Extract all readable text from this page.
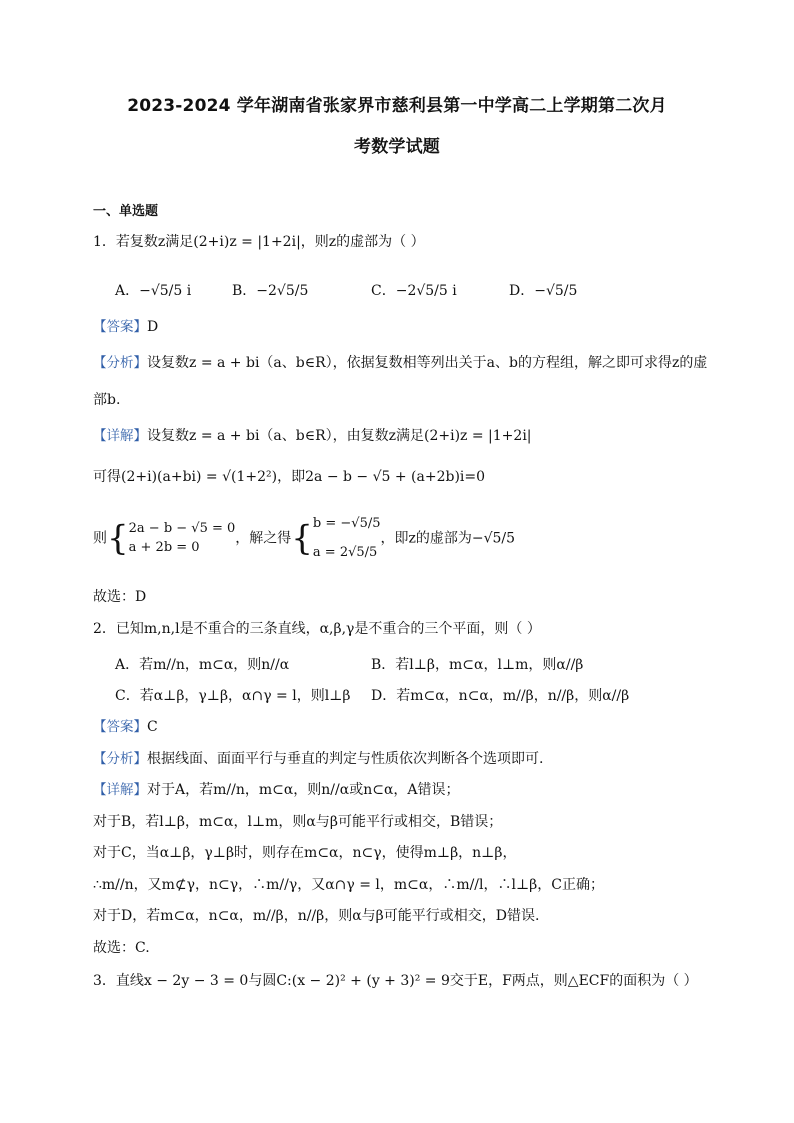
2023-2024 学年湖南省张家界市慈利县第一中学高二上学期第二次月
考数学试题
一、单选题
1．若复数z满足(2+i)z = |1+2i|，则z的虚部为（ ）
A．−√5/5 i	B．−2√5/5	C．−2√5/5 i	D．−√5/5
【答案】D
【分析】设复数z = a + bi（a、b∈R），依据复数相等列出关于a、b的方程组，解之即可求得z的虚
部b.
【详解】设复数z = a + bi（a、b∈R），由复数z满足(2+i)z = |1+2i|
可得(2+i)(a+bi) = √(1+2²)，即2a − b − √5 + (a+2b)i=0
则{ 2a − b − √5 = 0
a + 2b = 0
，解之得{ b = −√5/5
a = 2√5/5
，即z的虚部为−√5/5
故选：D
2．已知m,n,l是不重合的三条直线，α,β,γ是不重合的三个平面，则（ ）
A．若m//n，m⊂α，则n//α	B．若l⊥β，m⊂α，l⊥m，则α//β
C．若α⊥β，γ⊥β，α∩γ = l，则l⊥β D．若m⊂α，n⊂α，m//β，n//β，则α//β
【答案】C
【分析】根据线面、面面平行与垂直的判定与性质依次判断各个选项即可.
【详解】对于A，若m//n，m⊂α，则n//α或n⊂α，A错误；
对于B，若l⊥β，m⊂α，l⊥m，则α与β可能平行或相交，B错误；
对于C，当α⊥β，γ⊥β时，则存在m⊂α，n⊂γ，使得m⊥β，n⊥β，
∴m//n，又m⊄γ，n⊂γ，∴m//γ，又α∩γ = l，m⊂α，∴m//l，∴l⊥β，C正确；
对于D，若m⊂α，n⊂α，m//β，n//β，则α与β可能平行或相交，D错误.
故选：C.
3．直线x − 2y − 3 = 0与圆C:(x − 2)² + (y + 3)² = 9交于E，F两点，则△ECF的面积为（ ）
